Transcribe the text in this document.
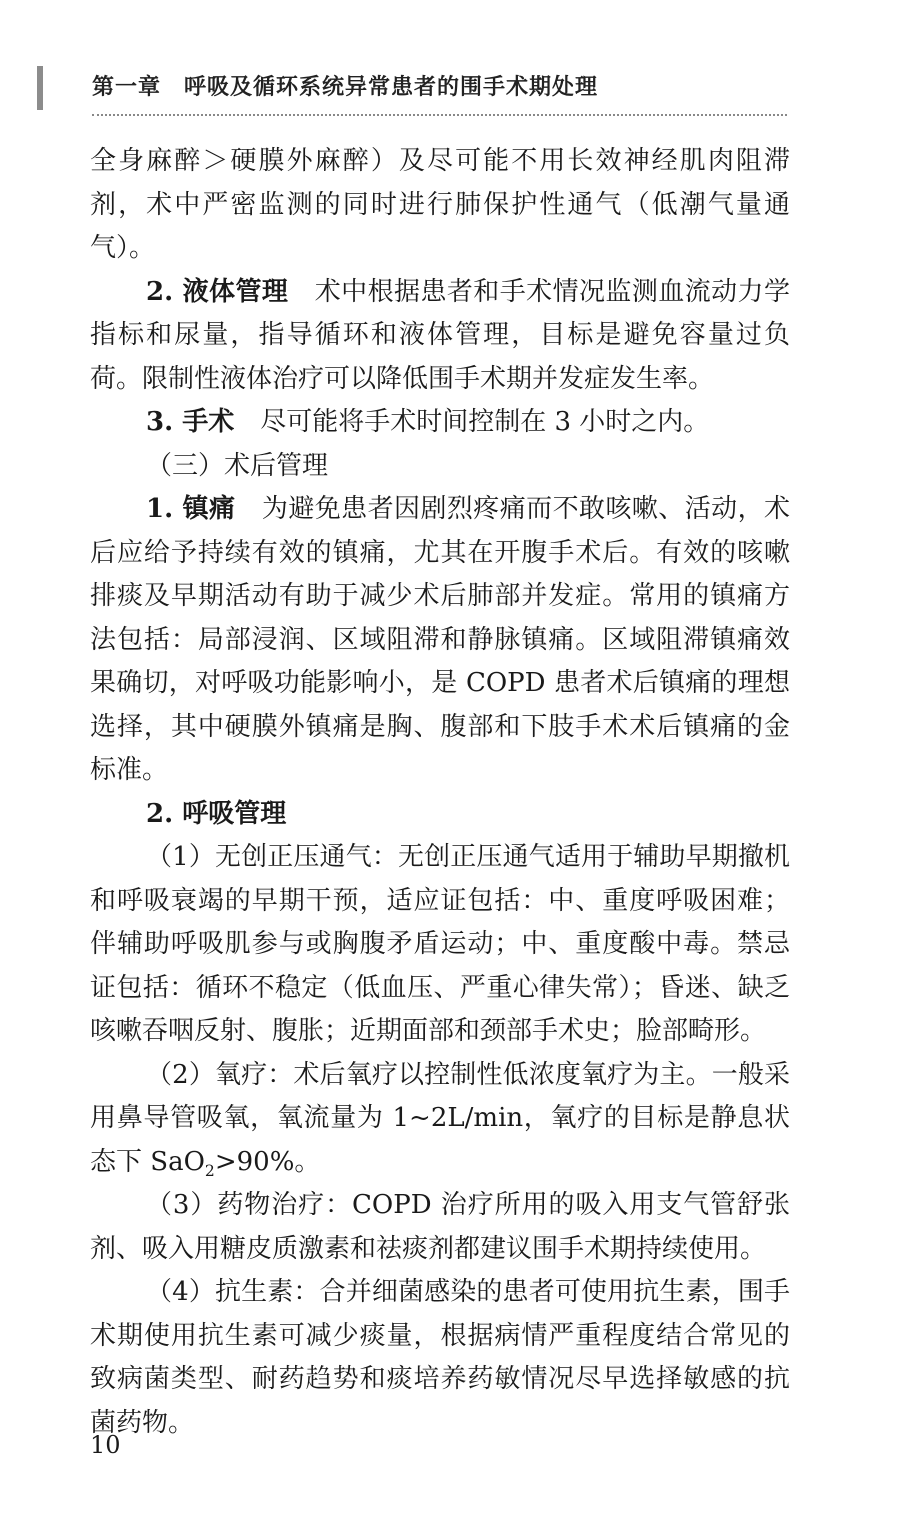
第一章　呼吸及循环系统异常患者的围手术期处理

全身麻醉＞硬膜外麻醉）及尽可能不用长效神经肌肉阻滞剂，术中严密监测的同时进行肺保护性通气（低潮气量通气）。

2. 液体管理　术中根据患者和手术情况监测血流动力学指标和尿量，指导循环和液体管理，目标是避免容量过负荷。限制性液体治疗可以降低围手术期并发症发生率。

3. 手术　尽可能将手术时间控制在 3 小时之内。

（三）术后管理

1. 镇痛　为避免患者因剧烈疼痛而不敢咳嗽、活动，术后应给予持续有效的镇痛，尤其在开腹手术后。有效的咳嗽排痰及早期活动有助于减少术后肺部并发症。常用的镇痛方法包括：局部浸润、区域阻滞和静脉镇痛。区域阻滞镇痛效果确切，对呼吸功能影响小，是 COPD 患者术后镇痛的理想选择，其中硬膜外镇痛是胸、腹部和下肢手术术后镇痛的金标准。

2. 呼吸管理

（1）无创正压通气：无创正压通气适用于辅助早期撤机和呼吸衰竭的早期干预，适应证包括：中、重度呼吸困难；伴辅助呼吸肌参与或胸腹矛盾运动；中、重度酸中毒。禁忌证包括：循环不稳定（低血压、严重心律失常）；昏迷、缺乏咳嗽吞咽反射、腹胀；近期面部和颈部手术史；脸部畸形。

（2）氧疗：术后氧疗以控制性低浓度氧疗为主。一般采用鼻导管吸氧，氧流量为 1~2L/min，氧疗的目标是静息状态下 SaO$_2$>90%。

（3）药物治疗：COPD 治疗所用的吸入用支气管舒张剂、吸入用糖皮质激素和祛痰剂都建议围手术期持续使用。

（4）抗生素：合并细菌感染的患者可使用抗生素，围手术期使用抗生素可减少痰量，根据病情严重程度结合常见的致病菌类型、耐药趋势和痰培养药敏情况尽早选择敏感的抗菌药物。

10
